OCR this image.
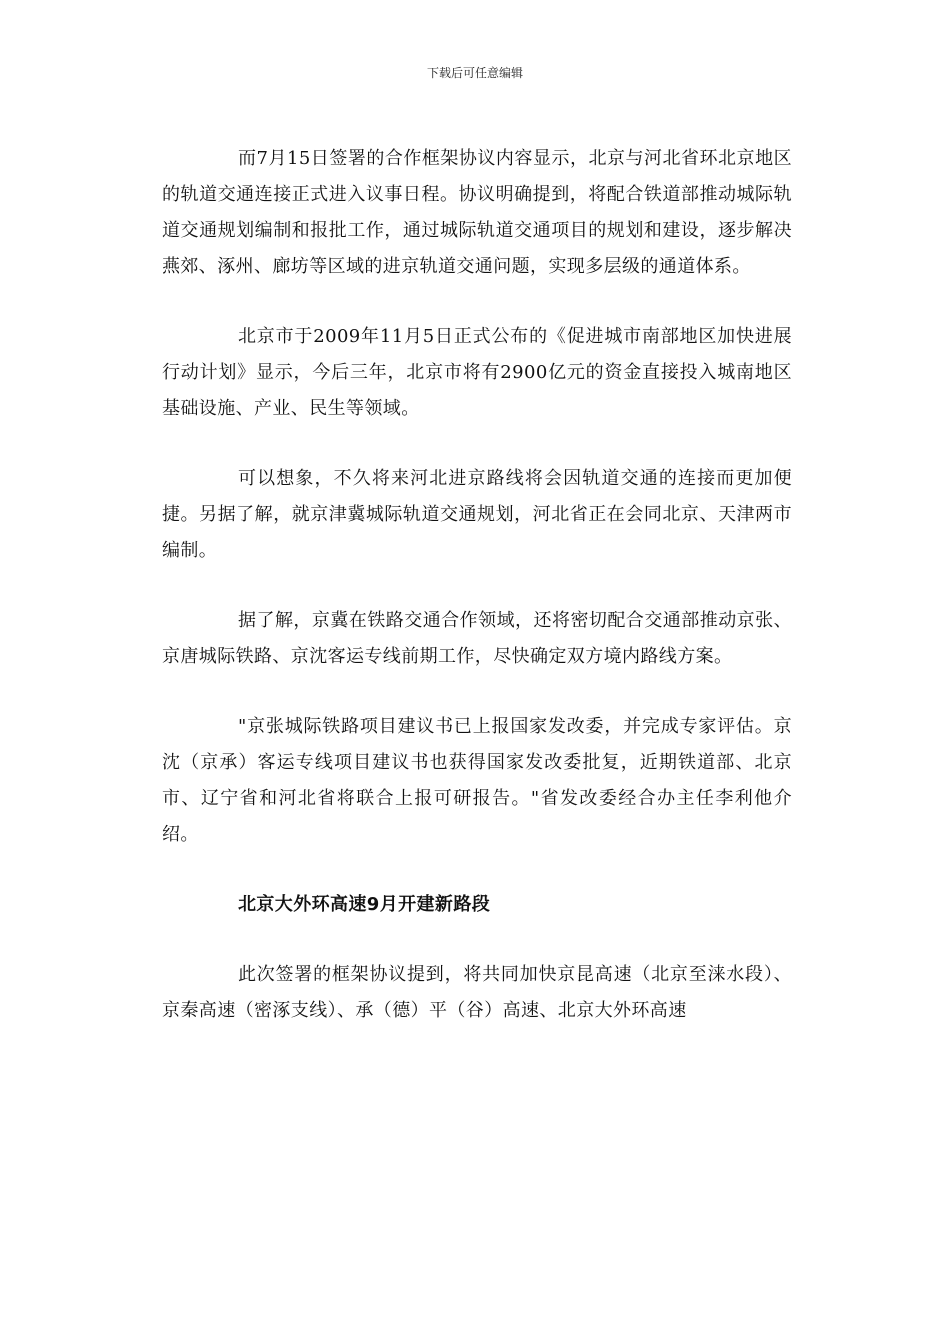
下载后可任意编辑

而7月15日签署的合作框架协议内容显示，北京与河北省环北京地区的轨道交通连接正式进入议事日程。协议明确提到，将配合铁道部推动城际轨道交通规划编制和报批工作，通过城际轨道交通项目的规划和建设，逐步解决燕郊、涿州、廊坊等区域的进京轨道交通问题，实现多层级的通道体系。

北京市于2009年11月5日正式公布的《促进城市南部地区加快进展行动计划》显示，今后三年，北京市将有2900亿元的资金直接投入城南地区基础设施、产业、民生等领域。

可以想象，不久将来河北进京路线将会因轨道交通的连接而更加便捷。另据了解，就京津冀城际轨道交通规划，河北省正在会同北京、天津两市编制。

据了解，京冀在铁路交通合作领域，还将密切配合交通部推动京张、京唐城际铁路、京沈客运专线前期工作，尽快确定双方境内路线方案。

"京张城际铁路项目建议书已上报国家发改委，并完成专家评估。京沈（京承）客运专线项目建议书也获得国家发改委批复，近期铁道部、北京市、辽宁省和河北省将联合上报可研报告。"省发改委经合办主任李利他介绍。

北京大外环高速9月开建新路段

此次签署的框架协议提到，将共同加快京昆高速（北京至涞水段）、京秦高速（密涿支线）、承（德）平（谷）高速、北京大外环高速
